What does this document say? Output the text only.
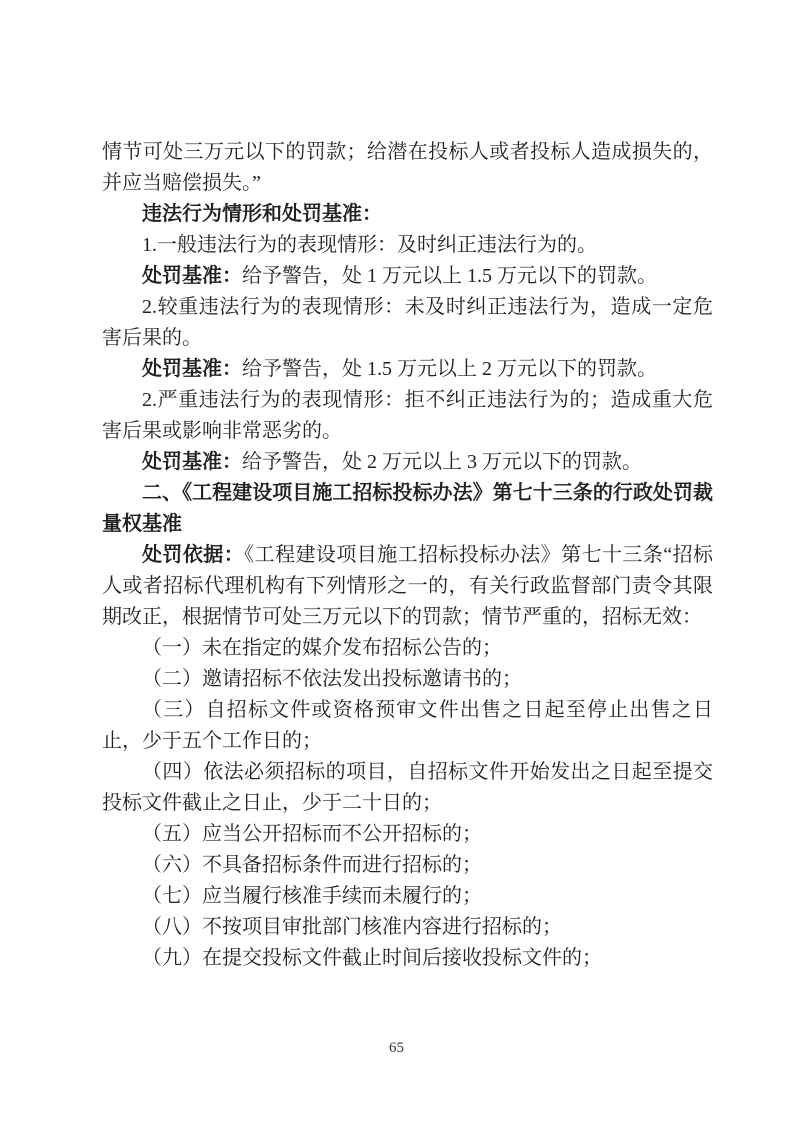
情节可处三万元以下的罚款；给潜在投标人或者投标人造成损失的，并应当赔偿损失。”

违法行为情形和处罚基准：

1.一般违法行为的表现情形：及时纠正违法行为的。

处罚基准：给予警告，处 1 万元以上 1.5 万元以下的罚款。

2.较重违法行为的表现情形：未及时纠正违法行为，造成一定危害后果的。

处罚基准：给予警告，处 1.5 万元以上 2 万元以下的罚款。

2.严重违法行为的表现情形：拒不纠正违法行为的；造成重大危害后果或影响非常恶劣的。

处罚基准：给予警告，处 2 万元以上 3 万元以下的罚款。

二、《工程建设项目施工招标投标办法》第七十三条的行政处罚裁量权基准

处罚依据：《工程建设项目施工招标投标办法》第七十三条“招标人或者招标代理机构有下列情形之一的，有关行政监督部门责令其限期改正，根据情节可处三万元以下的罚款；情节严重的，招标无效：

（一）未在指定的媒介发布招标公告的；

（二）邀请招标不依法发出投标邀请书的；

（三）自招标文件或资格预审文件出售之日起至停止出售之日止，少于五个工作日的；

（四）依法必须招标的项目，自招标文件开始发出之日起至提交投标文件截止之日止，少于二十日的；

（五）应当公开招标而不公开招标的；

（六）不具备招标条件而进行招标的；

（七）应当履行核准手续而未履行的；

（八）不按项目审批部门核准内容进行招标的；

（九）在提交投标文件截止时间后接收投标文件的；

65
